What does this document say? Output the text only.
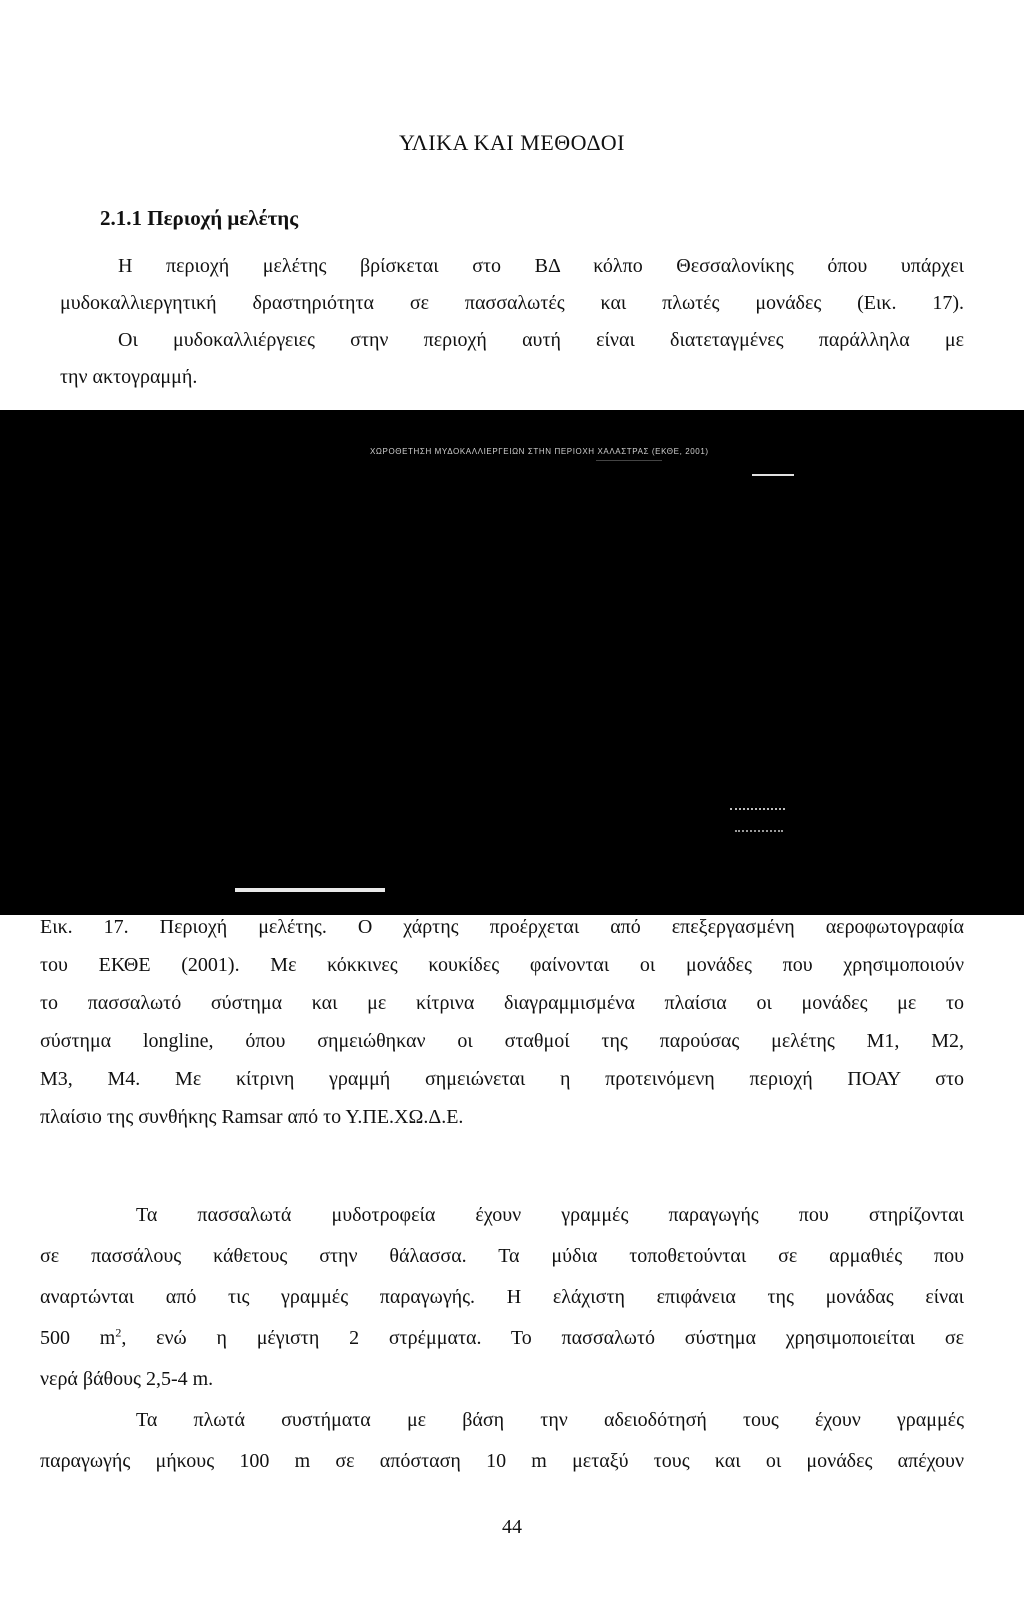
ΥΛΙΚΑ ΚΑΙ ΜΕΘΟΔΟΙ
2.1.1 Περιοχή μελέτης
Η περιοχή μελέτης βρίσκεται στο ΒΔ κόλπο Θεσσαλονίκης όπου υπάρχει
μυδοκαλλιεργητική δραστηριότητα σε πασσαλωτές και πλωτές μονάδες (Εικ. 17).
Οι μυδοκαλλιέργειες στην περιοχή αυτή είναι διατεταγμένες παράλληλα με
την ακτογραμμή.
ΧΩΡΟΘΕΤΗΣΗ ΜΥΔΟΚΑΛΛΙΕΡΓΕΙΩΝ ΣΤΗΝ ΠΕΡΙΟΧΗ ΧΑΛΑΣΤΡΑΣ (ΕΚΘΕ, 2001)
Εικ. 17. Περιοχή μελέτης. Ο χάρτης προέρχεται από επεξεργασμένη αεροφωτογραφία
του ΕΚΘΕ (2001). Με κόκκινες κουκίδες φαίνονται οι μονάδες που χρησιμοποιούν
το πασσαλωτό σύστημα και με κίτρινα διαγραμμισμένα πλαίσια οι μονάδες με το
σύστημα longline, όπου σημειώθηκαν οι σταθμοί της παρούσας μελέτης Μ1, Μ2,
Μ3, Μ4. Με κίτρινη γραμμή σημειώνεται η προτεινόμενη περιοχή ΠΟΑΥ στο
πλαίσιο της συνθήκης Ramsar από το Υ.ΠΕ.ΧΩ.Δ.Ε.
Τα πασσαλωτά μυδοτροφεία έχουν γραμμές παραγωγής που στηρίζονται
σε πασσάλους κάθετους στην θάλασσα. Τα μύδια τοποθετούνται σε αρμαθιές που
αναρτώνται από τις γραμμές παραγωγής. Η ελάχιστη επιφάνεια της μονάδας είναι
500 $m^2$, ενώ η μέγιστη 2 στρέμματα. Το πασσαλωτό σύστημα χρησιμοποιείται σε
νερά βάθους 2,5-4 m.
Τα πλωτά συστήματα με βάση την αδειοδότησή τους έχουν γραμμές
παραγωγής μήκους 100 m σε απόσταση 10 m μεταξύ τους και οι μονάδες απέχουν
44
